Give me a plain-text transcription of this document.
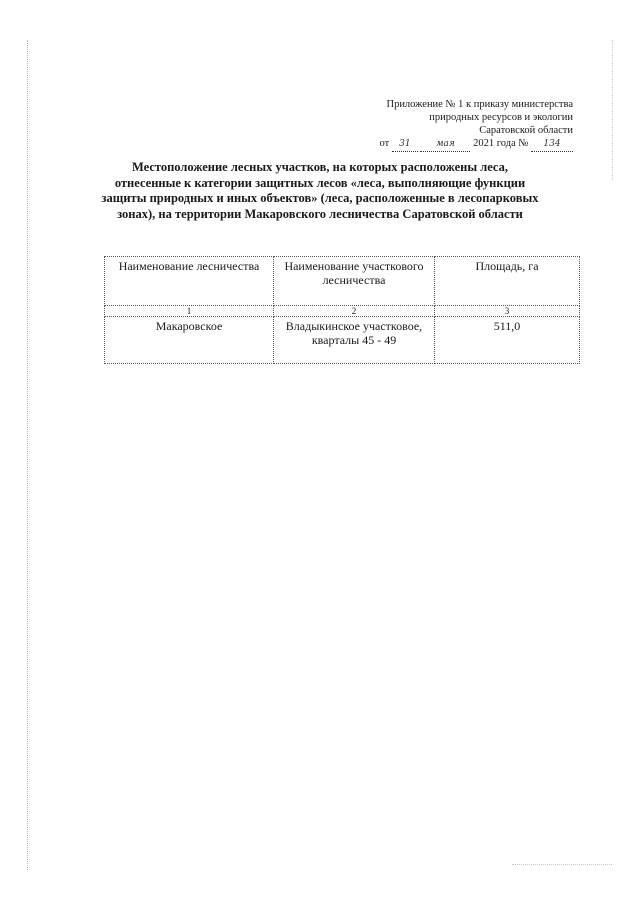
Приложение № 1 к приказу министерства
природных ресурсов и экологии
Саратовской области
от 31	мая 2021 года № 134
Местоположение лесных участков, на которых расположены леса, отнесенные к категории защитных лесов «леса, выполняющие функции защиты природных и иных объектов» (леса, расположенные в лесопарковых зонах), на территории Макаровского лесничества Саратовской области
Наименование лесничества	Наименование участкового лесничества	Площадь, га
1	2	3
Макаровское	Владыкинское участковое, кварталы 45 - 49	511,0
